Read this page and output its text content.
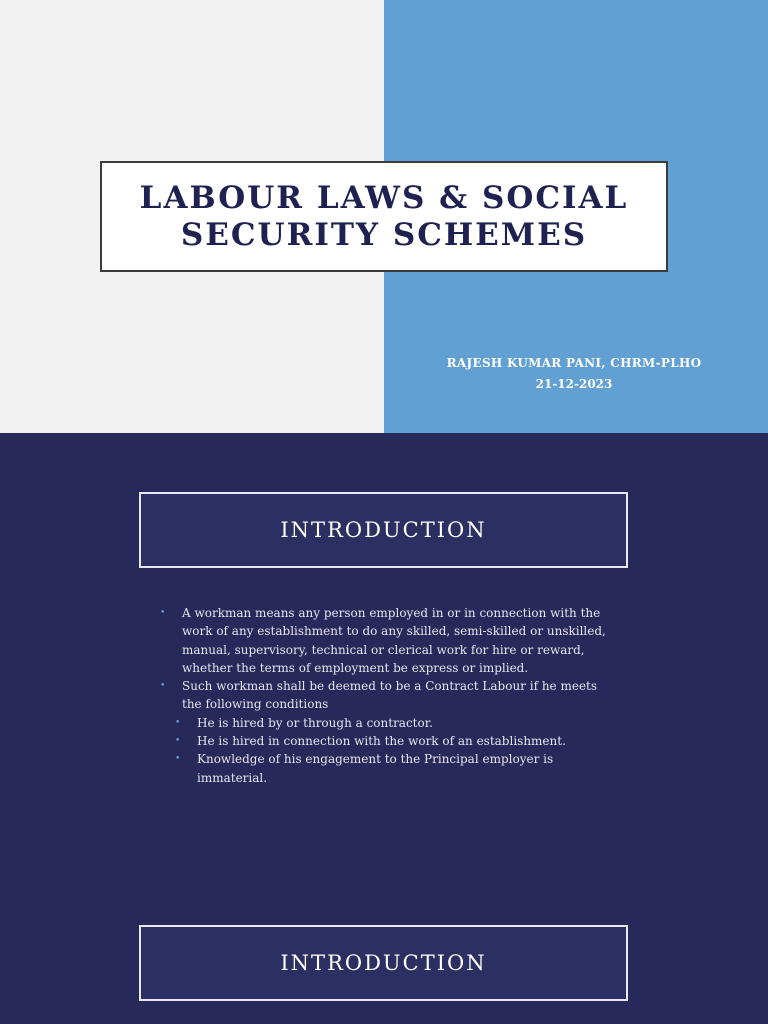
LABOUR LAWS & SOCIAL
SECURITY SCHEMES
RAJESH KUMAR PANI, CHRM-PLHO
21-12-2023
INTRODUCTION
• A workman means any person employed in or in connection with the
work of any establishment to do any skilled, semi-skilled or unskilled,
manual, supervisory, technical or clerical work for hire or reward,
whether the terms of employment be express or implied.
• Such workman shall be deemed to be a Contract Labour if he meets
the following conditions
• He is hired by or through a contractor.
• He is hired in connection with the work of an establishment.
• Knowledge of his engagement to the Principal employer is
immaterial.
INTRODUCTION
